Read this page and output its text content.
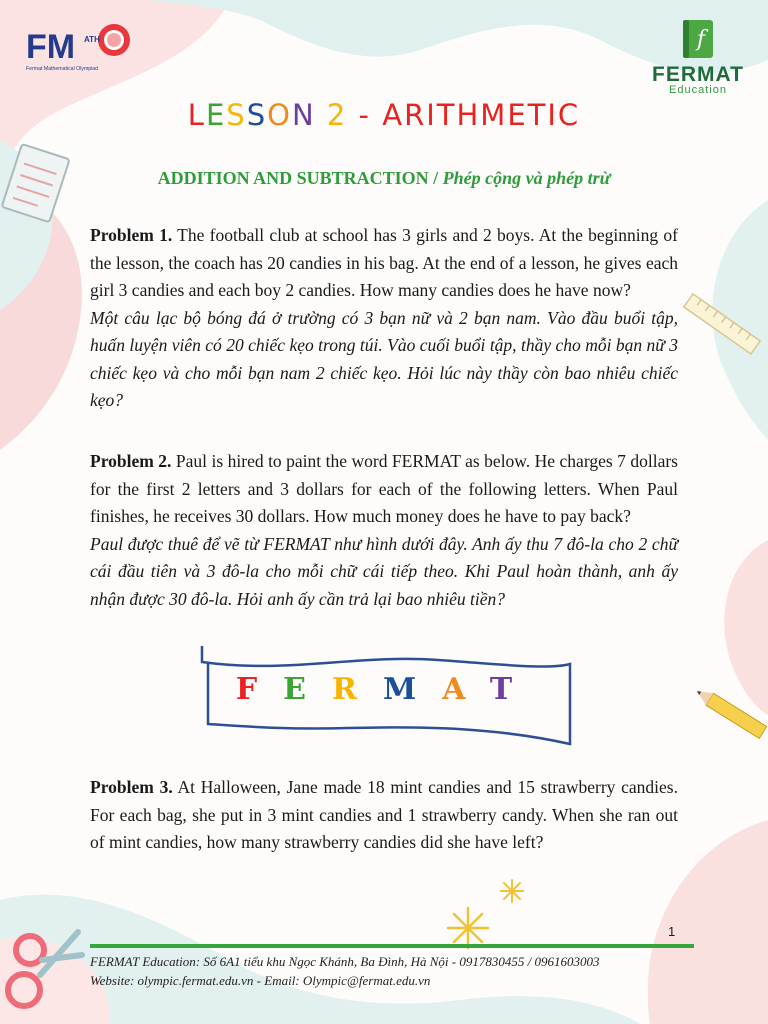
FM ATH
Fermat Mathematical Olympiad
f
FERMAT
Education
LESSON 2 - ARITHMETIC
ADDITION AND SUBTRACTION / Phép cộng và phép trừ
Problem 1. The football club at school has 3 girls and 2 boys. At the beginning of the lesson, the coach has 20 candies in his bag. At the end of a lesson, he gives each girl 3 candies and each boy 2 candies. How many candies does he have now?
Một câu lạc bộ bóng đá ở trường có 3 bạn nữ và 2 bạn nam. Vào đầu buổi tập, huấn luyện viên có 20 chiếc kẹo trong túi. Vào cuối buổi tập, thầy cho mỗi bạn nữ 3 chiếc kẹo và cho mỗi bạn nam 2 chiếc kẹo. Hỏi lúc này thầy còn bao nhiêu chiếc kẹo?
Problem 2. Paul is hired to paint the word FERMAT as below. He charges 7 dollars for the first 2 letters and 3 dollars for each of the following letters. When Paul finishes, he receives 30 dollars. How much money does he have to pay back?
Paul được thuê để vẽ từ FERMAT như hình dưới đây. Anh ấy thu 7 đô-la cho 2 chữ cái đầu tiên và 3 đô-la cho mỗi chữ cái tiếp theo. Khi Paul hoàn thành, anh ấy nhận được 30 đô-la. Hỏi anh ấy cần trả lại bao nhiêu tiền?
FERMAT
Problem 3. At Halloween, Jane made 18 mint candies and 15 strawberry candies. For each bag, she put in 3 mint candies and 1 strawberry candy. When she ran out of mint candies, how many strawberry candies did she have left?
1
FERMAT Education: Số 6A1 tiểu khu Ngọc Khánh, Ba Đình, Hà Nội - 0917830455 / 0961603003
Website: olympic.fermat.edu.vn - Email: Olympic@fermat.edu.vn
